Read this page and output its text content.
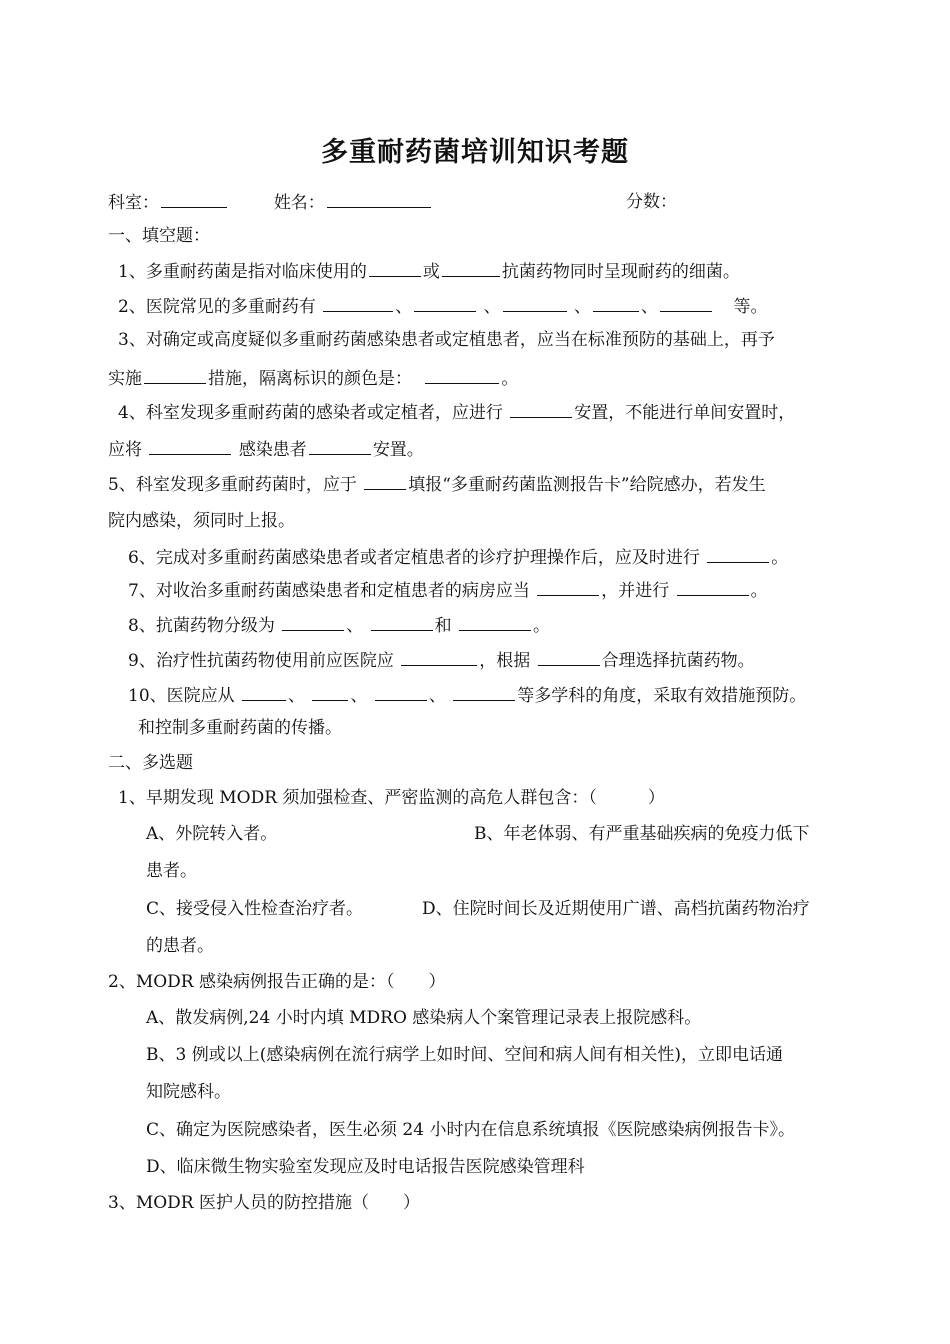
多重耐药菌培训知识考题
科室：	姓名：	分数：
一、填空题：
1、多重耐药菌是指对临床使用的	或	抗菌药物同时呈现耐药的细菌。
2、医院常见的多重耐药有	、	、	、	、	等。
3、对确定或高度疑似多重耐药菌感染患者或定植患者，应当在标准预防的基础上，再予
实施	措施，隔离标识的颜色是：	。
4、科室发现多重耐药菌的感染者或定植者，应进行	安置，不能进行单间安置时，
应将	感染患者	安置。
5、科室发现多重耐药菌时，应于	填报“多重耐药菌监测报告卡”给院感办，若发生
院内感染，须同时上报。
6、完成对多重耐药菌感染患者或者定植患者的诊疗护理操作后，应及时进行	。
7、对收治多重耐药菌感染患者和定植患者的病房应当	，并进行	。
8、抗菌药物分级为	、	和	。
9、治疗性抗菌药物使用前应医院应	，根据	合理选择抗菌药物。
10、医院应从	、	、	、	等多学科的角度，采取有效措施预防。
和控制多重耐药菌的传播。
二、多选题
1、早期发现 MODR 须加强检查、严密监测的高危人群包含：（　　　）
A、外院转入者。	B、年老体弱、有严重基础疾病的免疫力低下
患者。
C、接受侵入性检查治疗者。	D、住院时间长及近期使用广谱、高档抗菌药物治疗
的患者。
2、MODR 感染病例报告正确的是：（　　）
A、散发病例,24 小时内填 MDRO 感染病人个案管理记录表上报院感科。
B、3 例或以上(感染病例在流行病学上如时间、空间和病人间有相关性)，立即电话通
知院感科。
C、确定为医院感染者，医生必须 24 小时内在信息系统填报《医院感染病例报告卡》。
D、临床微生物实验室发现应及时电话报告医院感染管理科
3、MODR 医护人员的防控措施（　　）
